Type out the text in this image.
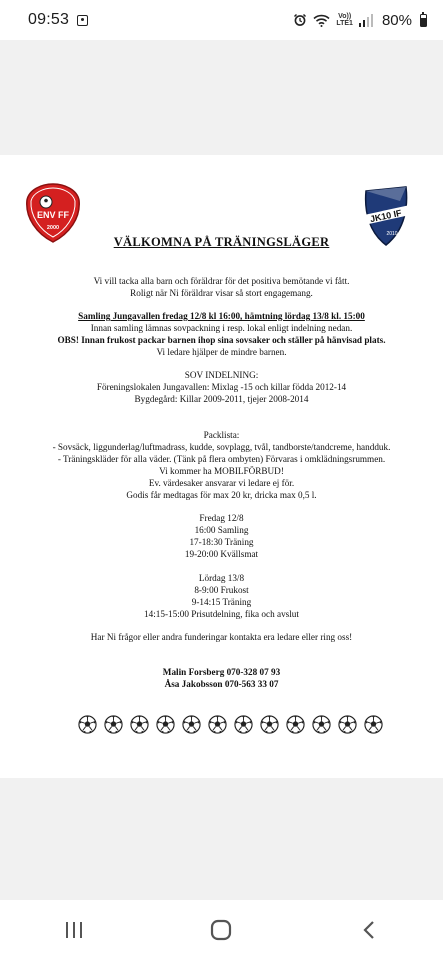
09:53	Vo))
LTE1 80%
ENV FF
2000
JK10 IF
2010
VÄLKOMNA PÅ TRÄNINGSLÄGER
Vi vill tacka alla barn och föräldrar för det positiva bemötande vi fått.
Roligt när Ni föräldrar visar så stort engagemang.
Samling Jungavallen fredag 12/8 kl 16:00, hämtning lördag 13/8 kl. 15:00
Innan samling lämnas sovpackning i resp. lokal enligt indelning nedan.
OBS! Innan frukost packar barnen ihop sina sovsaker och ställer på hänvisad plats.
Vi ledare hjälper de mindre barnen.
SOV INDELNING:
Föreningslokalen Jungavallen: Mixlag -15 och killar födda 2012-14
Bygdegård: Killar 2009-2011, tjejer 2008-2014
Packlista:
- Sovsäck, liggunderlag/luftmadrass, kudde, sovplagg, tvål, tandborste/tandcreme, handduk.
- Träningskläder för alla väder. (Tänk på flera ombyten) Förvaras i omklädningsrummen.
Vi kommer ha MOBILFÖRBUD!
Ev. värdesaker ansvarar vi ledare ej för.
Godis får medtagas för max 20 kr, dricka max 0,5 l.
Fredag 12/8
16:00 Samling
17-18:30 Träning
19-20:00 Kvällsmat
Lördag 13/8
8-9:00 Frukost
9-14:15 Träning
14:15-15:00 Prisutdelning, fika och avslut
Har Ni frågor eller andra funderingar kontakta era ledare eller ring oss!
Malin Forsberg 070-328 07 93
Åsa Jakobsson 070-563 33 07
